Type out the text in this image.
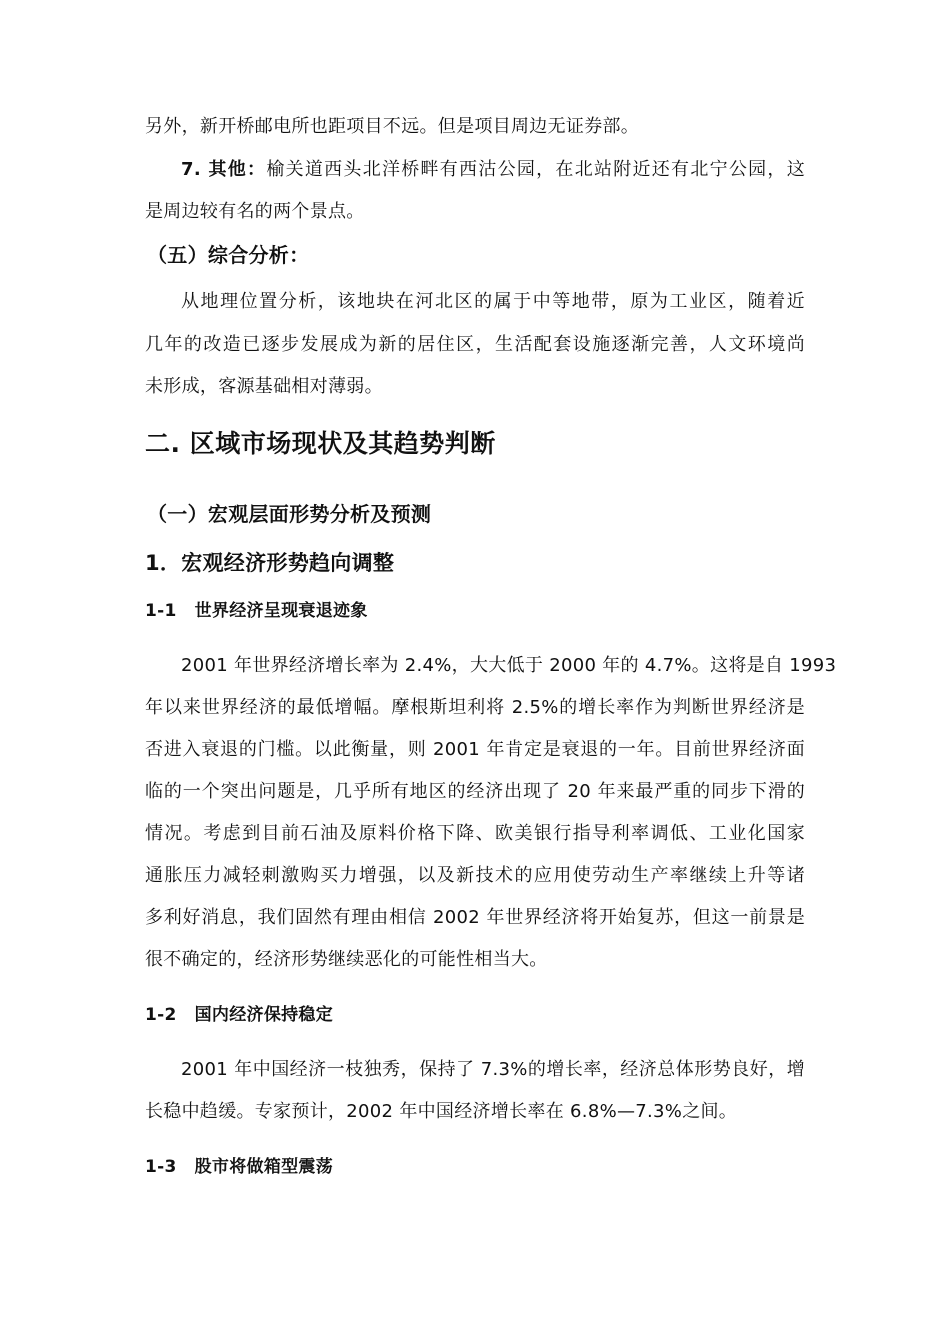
另外，新开桥邮电所也距项目不远。但是项目周边无证券部。
7. 其他：榆关道西头北洋桥畔有西沽公园，在北站附近还有北宁公园，这
是周边较有名的两个景点。
（五）综合分析：
从地理位置分析，该地块在河北区的属于中等地带，原为工业区，随着近
几年的改造已逐步发展成为新的居住区，生活配套设施逐渐完善，人文环境尚
未形成，客源基础相对薄弱。
二. 区域市场现状及其趋势判断
（一）宏观层面形势分析及预测
1．宏观经济形势趋向调整
1-1 世界经济呈现衰退迹象
2001 年世界经济增长率为 2.4%，大大低于 2000 年的 4.7%。这将是自 1993
年以来世界经济的最低增幅。摩根斯坦利将 2.5%的增长率作为判断世界经济是
否进入衰退的门槛。以此衡量，则 2001 年肯定是衰退的一年。目前世界经济面
临的一个突出问题是，几乎所有地区的经济出现了 20 年来最严重的同步下滑的
情况。考虑到目前石油及原料价格下降、欧美银行指导利率调低、工业化国家
通胀压力减轻刺激购买力增强，以及新技术的应用使劳动生产率继续上升等诸
多利好消息，我们固然有理由相信 2002 年世界经济将开始复苏，但这一前景是
很不确定的，经济形势继续恶化的可能性相当大。
1-2 国内经济保持稳定
2001 年中国经济一枝独秀，保持了 7.3%的增长率，经济总体形势良好，增
长稳中趋缓。专家预计，2002 年中国经济增长率在 6.8%—7.3%之间。
1-3 股市将做箱型震荡
